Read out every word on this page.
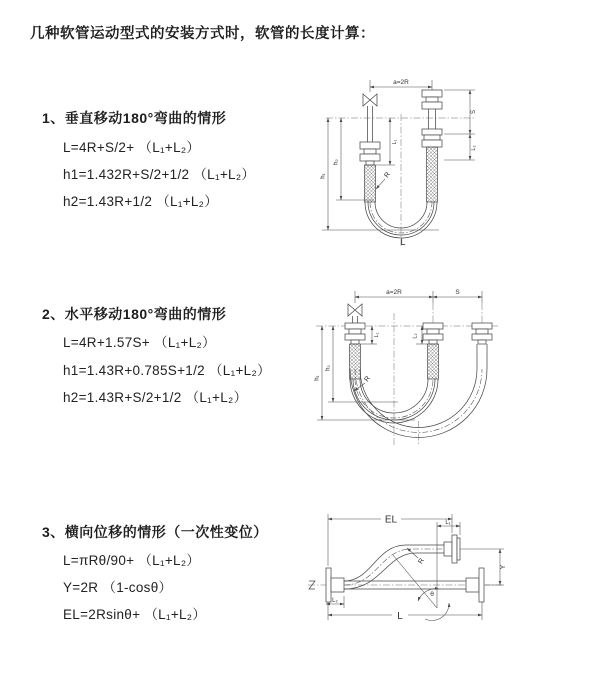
几种软管运动型式的安装方式时，软管的长度计算：
1、垂直移动180°弯曲的情形
L=4R+S/2+ （L₁+L₂）
h1=1.432R+S/2+1/2 （L₁+L₂）
h2=1.43R+1/2 （L₁+L₂）
2、水平移动180°弯曲的情形
L=4R+1.57S+ （L₁+L₂）
h1=1.43R+0.785S+1/2 （L₁+L₂）
h2=1.43R+S/2+1/2 （L₁+L₂）
3、横向位移的情形（一次性变位）
L=πRθ/90+ （L₁+L₂）
Y=2R （1-cosθ）
EL=2Rsinθ+ （L₁+L₂）
a=2R
h₁
h₂
L₁
S
L₂
R
L
a=2R	S
h₁
h₂
L₁	L₂
R
EL	L₁
Y
L₂
L
R
θ
